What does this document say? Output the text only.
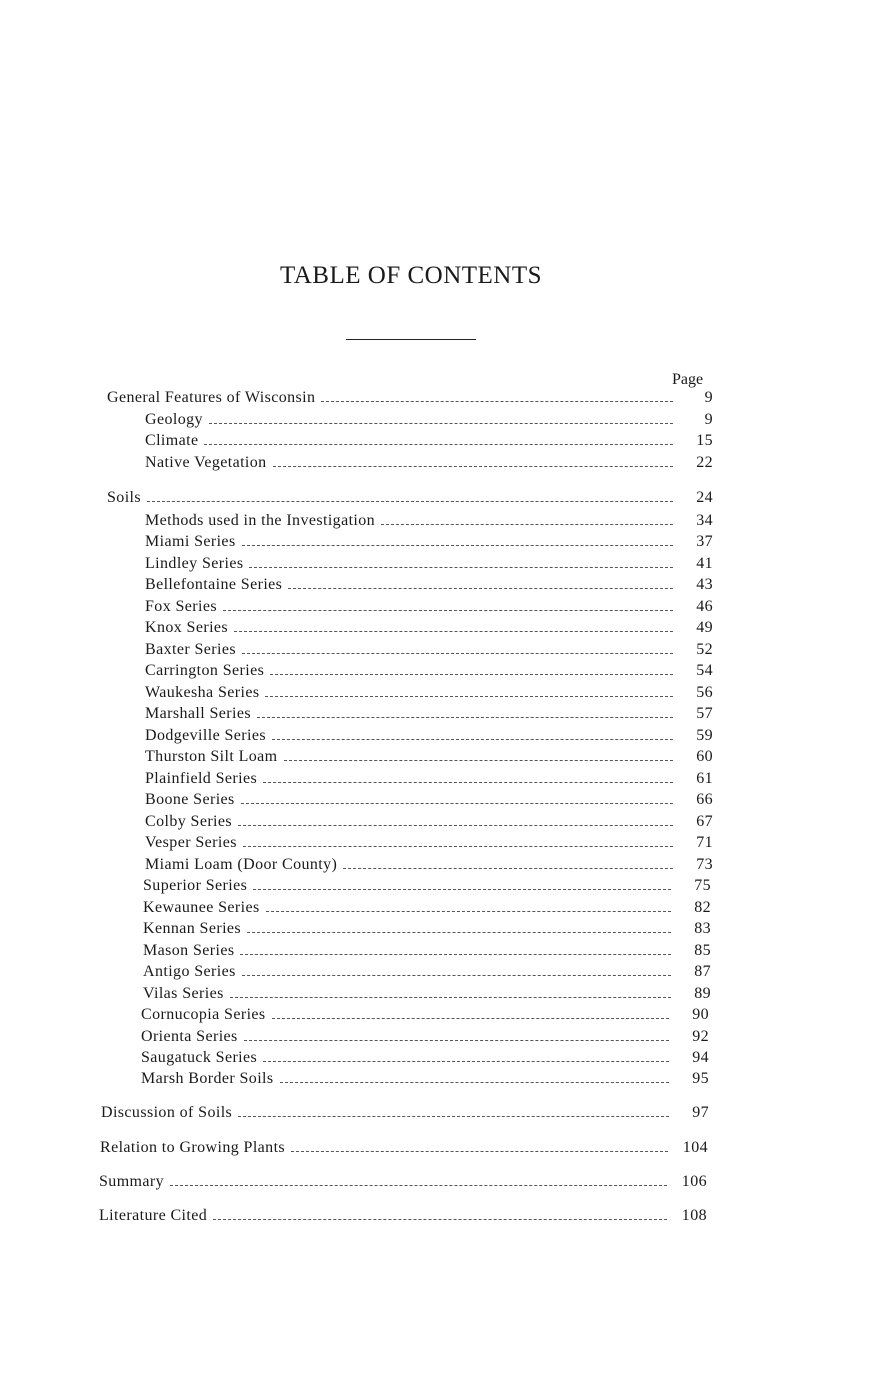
TABLE OF CONTENTS
Page
General Features of Wisconsin	9
Geology	9
Climate	15
Native Vegetation	22
Soils	24
Methods used in the Investigation	34
Miami Series	37
Lindley Series	41
Bellefontaine Series	43
Fox Series	46
Knox Series	49
Baxter Series	52
Carrington Series	54
Waukesha Series	56
Marshall Series	57
Dodgeville Series	59
Thurston Silt Loam	60
Plainfield Series	61
Boone Series	66
Colby Series	67
Vesper Series	71
Miami Loam (Door County)	73
Superior Series	75
Kewaunee Series	82
Kennan Series	83
Mason Series	85
Antigo Series	87
Vilas Series	89
Cornucopia Series	90
Orienta Series	92
Saugatuck Series	94
Marsh Border Soils	95
Discussion of Soils	97
Relation to Growing Plants	104
Summary	106
Literature Cited	108
